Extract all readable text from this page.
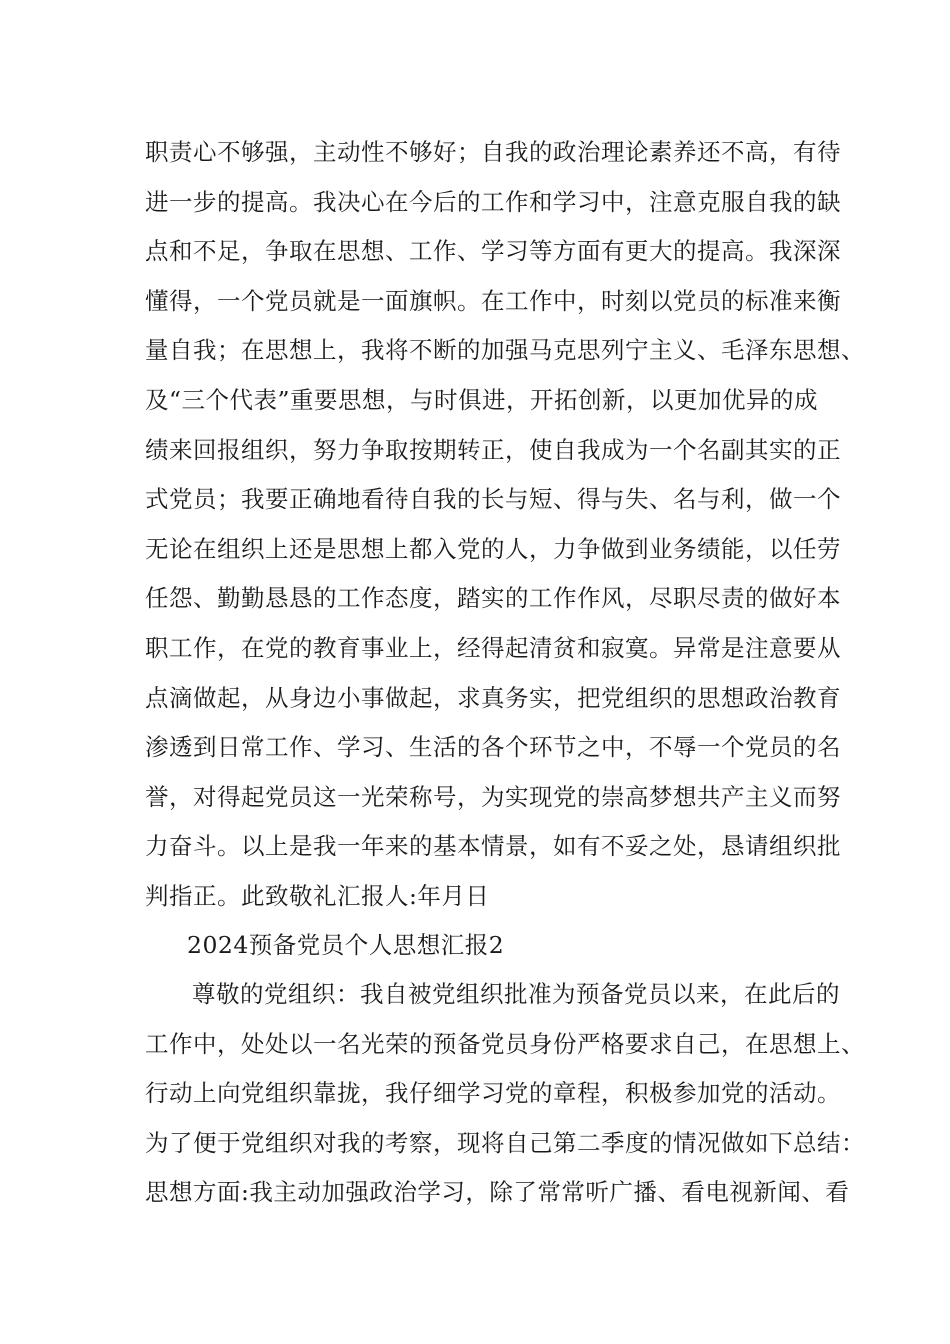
职责心不够强，主动性不够好；自我的政治理论素养还不高，有待
进一步的提高。我决心在今后的工作和学习中，注意克服自我的缺
点和不足，争取在思想、工作、学习等方面有更大的提高。我深深
懂得，一个党员就是一面旗帜。在工作中，时刻以党员的标准来衡
量自我；在思想上，我将不断的加强马克思列宁主义、毛泽东思想、
及“三个代表”重要思想，与时俱进，开拓创新，以更加优异的成
绩来回报组织，努力争取按期转正，使自我成为一个名副其实的正
式党员；我要正确地看待自我的长与短、得与失、名与利，做一个
无论在组织上还是思想上都入党的人，力争做到业务绩能，以任劳
任怨、勤勤恳恳的工作态度，踏实的工作作风，尽职尽责的做好本
职工作，在党的教育事业上，经得起清贫和寂寞。异常是注意要从
点滴做起，从身边小事做起，求真务实，把党组织的思想政治教育
渗透到日常工作、学习、生活的各个环节之中，不辱一个党员的名
誉，对得起党员这一光荣称号，为实现党的崇高梦想共产主义而努
力奋斗。以上是我一年来的基本情景，如有不妥之处，恳请组织批
判指正。此致敬礼汇报人:年月日
2024预备党员个人思想汇报2
尊敬的党组织：我自被党组织批准为预备党员以来，在此后的
工作中，处处以一名光荣的预备党员身份严格要求自己，在思想上、
行动上向党组织靠拢，我仔细学习党的章程，积极参加党的活动。
为了便于党组织对我的考察，现将自己第二季度的情况做如下总结：
思想方面:我主动加强政治学习，除了常常听广播、看电视新闻、看
